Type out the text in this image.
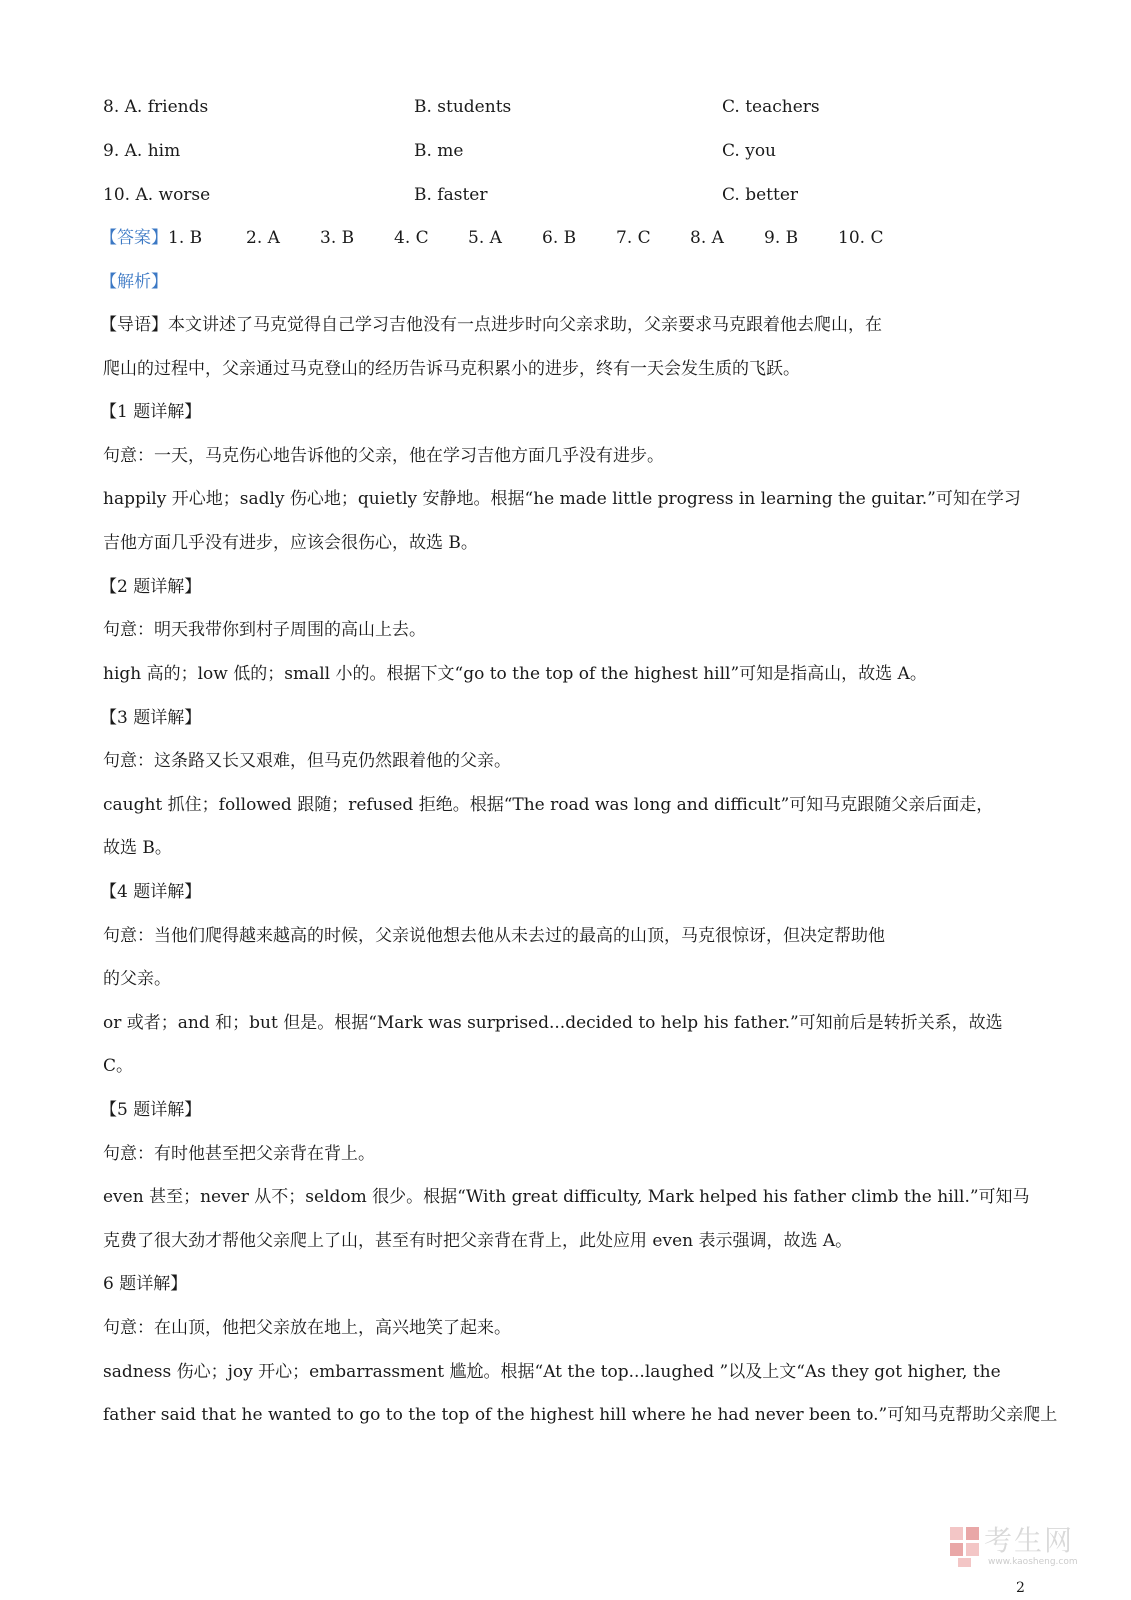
8. A. friends	B. students	C. teachers
9. A. him	B. me	C. you
10. A. worse	B. faster	C. better
【答案】1. B	2. A 3. B 4. C 5. A 6. B 7. C 8. A 9. B 10. C
【解析】
【导语】本文讲述了马克觉得自己学习吉他没有一点进步时向父亲求助，父亲要求马克跟着他去爬山，在
爬山的过程中，父亲通过马克登山的经历告诉马克积累小的进步，终有一天会发生质的飞跃。
【1 题详解】
句意：一天，马克伤心地告诉他的父亲，他在学习吉他方面几乎没有进步。
happily 开心地；sadly 伤心地；quietly 安静地。根据“he made little progress in learning the guitar.”可知在学习
吉他方面几乎没有进步，应该会很伤心，故选 B。
【2 题详解】
句意：明天我带你到村子周围的高山上去。
high 高的；low 低的；small 小的。根据下文“go to the top of the highest hill”可知是指高山，故选 A。
【3 题详解】
句意：这条路又长又艰难，但马克仍然跟着他的父亲。
caught 抓住；followed 跟随；refused 拒绝。根据“The road was long and difficult”可知马克跟随父亲后面走，
故选 B。
【4 题详解】
句意：当他们爬得越来越高的时候，父亲说他想去他从未去过的最高的山顶，马克很惊讶，但决定帮助他
的父亲。
or 或者；and 和；but 但是。根据“Mark was surprised...decided to help his father.”可知前后是转折关系，故选
C。
【5 题详解】
句意：有时他甚至把父亲背在背上。
even 甚至；never 从不；seldom 很少。根据“With great difficulty, Mark helped his father climb the hill.”可知马
克费了很大劲才帮他父亲爬上了山，甚至有时把父亲背在背上，此处应用 even 表示强调，故选 A。
6 题详解】
句意：在山顶，他把父亲放在地上，高兴地笑了起来。
sadness 伤心；joy 开心；embarrassment 尴尬。根据“At the top...laughed ”以及上文“As they got higher, the
father said that he wanted to go to the top of the highest hill where he had never been to.”可知马克帮助父亲爬上
考生网
www.kaosheng.com
2
